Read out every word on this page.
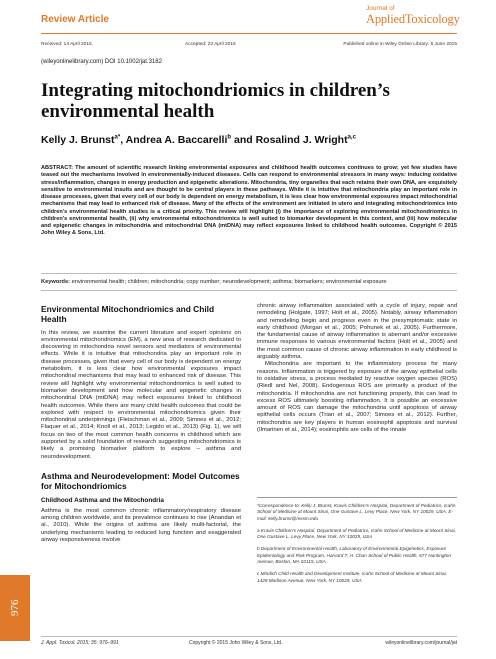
Review Article
Journal of
AppliedToxicology
Received: 14 April 2015,	Accepted: 23 April 2015	Published online in Wiley Online Library: 5 June 2015
(wileyonlinelibrary.com) DOI 10.1002/jat.3182
Integrating mitochondriomics in children’s environmental health
Kelly J. Brunst$^{a*}$, Andrea A. Baccarelli$^b$ and Rosalind J. Wright$^{a,c}$

ABSTRACT: The amount of scientific research linking environmental exposures and childhood health outcomes continues to grow; yet few studies have teased out the mechanisms involved in environmentally-induced diseases. Cells can respond to environmental stressors in many ways: inducing oxidative stress/inflammation, changes in energy production and epigenetic alterations. Mitochondria, tiny organelles that each retains their own DNA, are exquisitely sensitive to environmental insults and are thought to be central players in these pathways. While it is intuitive that mitochondria play an important role in disease processes, given that every cell of our body is dependent on energy metabolism, it is less clear how environmental exposures impact mitochondrial mechanisms that may lead to enhanced risk of disease. Many of the effects of the environment are initiated in utero and integrating mitochondriomics into children’s environmental health studies is a critical priority. This review will highlight (i) the importance of exploring environmental mitochondriomics in children’s environmental health, (ii) why environmental mitochondriomics is well suited to biomarker development in this context, and (iii) how molecular and epigenetic changes in mitochondria and mitochondrial DNA (mtDNA) may reflect exposures linked to childhood health outcomes. Copyright © 2015 John Wiley & Sons, Ltd.

Keywords: environmental health; children; mitochondria; copy number; neurodevelopment; asthma; biomarkers; environmental exposure
Environmental Mitochondriomics and Child Health

In this review, we examine the current literature and expert opinions on environmental mitochondriomics (EM), a new area of research dedicated to discovering in mitochondria novel sensors and mediators of environmental effects. While it is intuitive that mitochondria play an important role in disease processes, given that every cell of our body is dependent on energy metabolism, it is less clear how environmental exposures impact mitochondrial mechanisms that may lead to enhanced risk of disease. This review will highlight why environmental mitochondriomics is well suited to biomarker development and how molecular and epigenetic changes in mitochondrial DNA (mtDNA) may reflect exposures linked to childhood health outcomes. While there are many child health outcomes that could be explored with respect to environmental mitochondriomics given their mitochondrial underpinnings (Fleischman et al., 2009; Simoes et al., 2012; Flaquer et al., 2014; Knoll et al., 2013; Legido et al., 2013) (Fig. 1), we will focus on two of the most common health concerns in childhood which are supported by a solid foundation of research suggesting mitochondriomics is likely a promising biomarker platform to explore – asthma and neurodevelopment.

Asthma and Neurodevelopment: Model Outcomes for Mitochondriomics
Childhood Asthma and the Mitochondria

Asthma is the most common chronic inflammatory/respiratory disease among children worldwide, and its prevalence continues to rise (Anandan et al., 2010). While the origins of asthma are likely multi-factorial, the underlying mechanisms leading to reduced lung function and exaggerated airway responsiveness involve

chronic airway inflammation associated with a cycle of injury, repair and remodeling (Holgate, 1997; Holt et al., 2005). Notably, airway inflammation and remodeling begin and progress even in the presymptomatic state in early childhood (Morgan et al., 2005; Pohunek et al., 2005). Furthermore, the fundamental cause of airway inflammation is aberrant and/or excessive immune responses to various environmental factors (Holt et al., 2005) and the most common cause of chronic airway inflammation in early childhood is arguably asthma.

Mitochondria are important to the inflammatory process for many reasons. Inflammation is triggered by exposure of the airway epithelial cells to oxidative stress, a process mediated by reactive oxygen species (ROS) (Riedl and Nel, 2008). Endogenous ROS are primarily a product of the mitochondria. If mitochondria are not functioning properly, this can lead to excess ROS ultimately boosting inflammation. It is possible an excessive amount of ROS can damage the mitochondria until apoptosis of airway epithelial cells occurs (Trian et al., 2007; Simoes et al., 2012). Further, mitochondria are key players in human eosinophil apoptosis and survival (Ilmarinen et al., 2014); eosinophils are cells of the innate

*Correspondence to: Kelly J. Brunst, Kravis Children’s Hospital, Department of Pediatrics, Icahn School of Medicine at Mount Sinai, One Gustave L. Levy Place, New York, NY 10029, USA. E-mail: kelly.brunst@mssm.edu

a Kravis Children’s Hospital, Department of Pediatrics, Icahn School of Medicine at Mount Sinai, One Gustave L. Levy Place, New York, NY 10029, USA

b Department of Environmental Health, Laboratory of Environmental Epigenetics, Exposure Epidemiology and Risk Program, Harvard T. H. Chan School of Public Health, 677 Huntington Avenue, Boston, MA 02115, USA

c Mindich Child Health and Development Institute, Icahn School of Medicine at Mount Sinai, 1428 Madison Avenue, New York, NY 10029, USA

976
J. Appl. Toxicol. 2015; 35: 976–991	Copyright © 2015 John Wiley & Sons, Ltd.	wileyonlinelibrary.com/journal/jat
